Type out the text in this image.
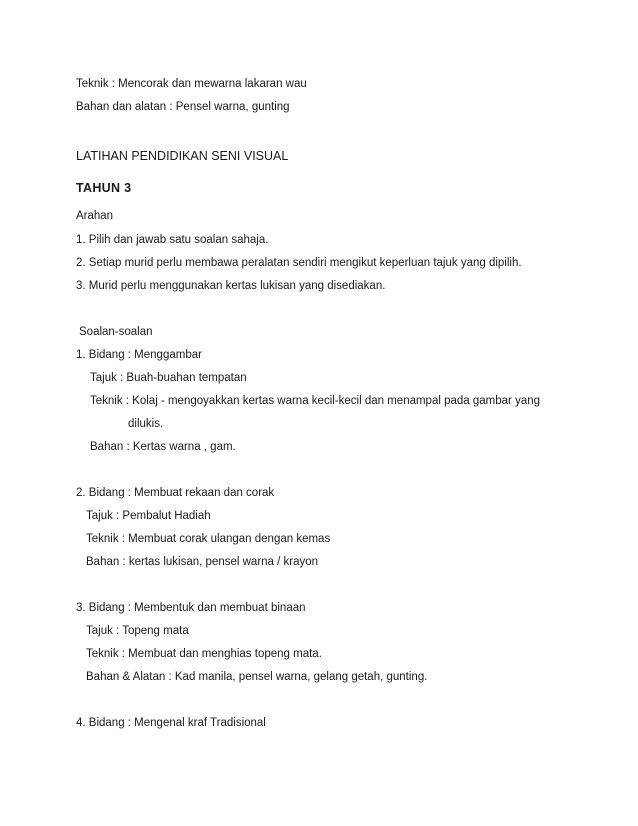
Teknik : Mencorak dan mewarna lakaran wau
Bahan dan alatan : Pensel warna, gunting
LATIHAN PENDIDIKAN SENI VISUAL
TAHUN 3
Arahan
1. Pilih dan jawab satu soalan sahaja.
2. Setiap murid perlu membawa peralatan sendiri mengikut keperluan tajuk yang dipilih.
3. Murid perlu menggunakan kertas lukisan yang disediakan.
Soalan-soalan
1. Bidang : Menggambar
Tajuk : Buah-buahan tempatan
Teknik : Kolaj - mengoyakkan kertas warna kecil-kecil dan menampal pada gambar yang
dilukis.
Bahan : Kertas warna , gam.
2. Bidang : Membuat rekaan dan corak
Tajuk : Pembalut Hadiah
Teknik : Membuat corak ulangan dengan kemas
Bahan : kertas lukisan, pensel warna / krayon
3. Bidang : Membentuk dan membuat binaan
Tajuk : Topeng mata
Teknik : Membuat dan menghias topeng mata.
Bahan & Alatan : Kad manila, pensel warna, gelang getah, gunting.
4. Bidang : Mengenal kraf Tradisional
